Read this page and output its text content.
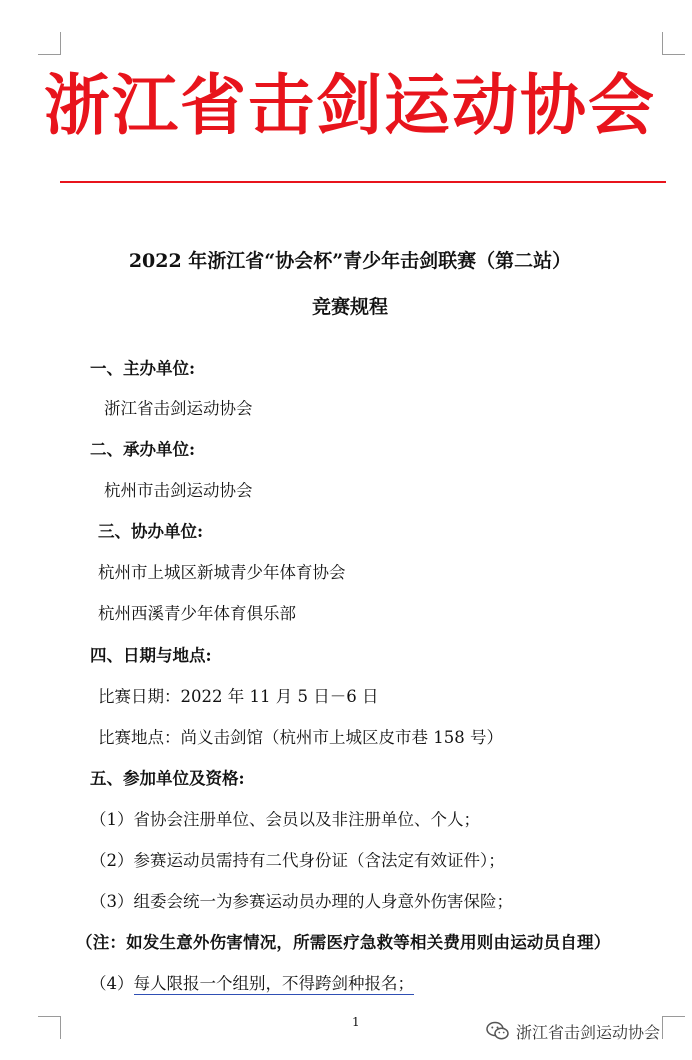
浙江省击剑运动协会
2022 年浙江省“协会杯”青少年击剑联赛（第二站）
竞赛规程
一、主办单位:
浙江省击剑运动协会
二、承办单位:
杭州市击剑运动协会
三、协办单位:
杭州市上城区新城青少年体育协会
杭州西溪青少年体育俱乐部
四、日期与地点:
比赛日期：2022 年 11 月 5 日－6 日
比赛地点：尚义击剑馆（杭州市上城区皮市巷 158 号）
五、参加单位及资格:
（1）省协会注册单位、会员以及非注册单位、个人；
（2）参赛运动员需持有二代身份证（含法定有效证件）；
（3）组委会统一为参赛运动员办理的人身意外伤害保险；
（注：如发生意外伤害情况，所需医疗急救等相关费用则由运动员自理）
（4）每人限报一个组别，不得跨剑种报名；
1
浙江省击剑运动协会
